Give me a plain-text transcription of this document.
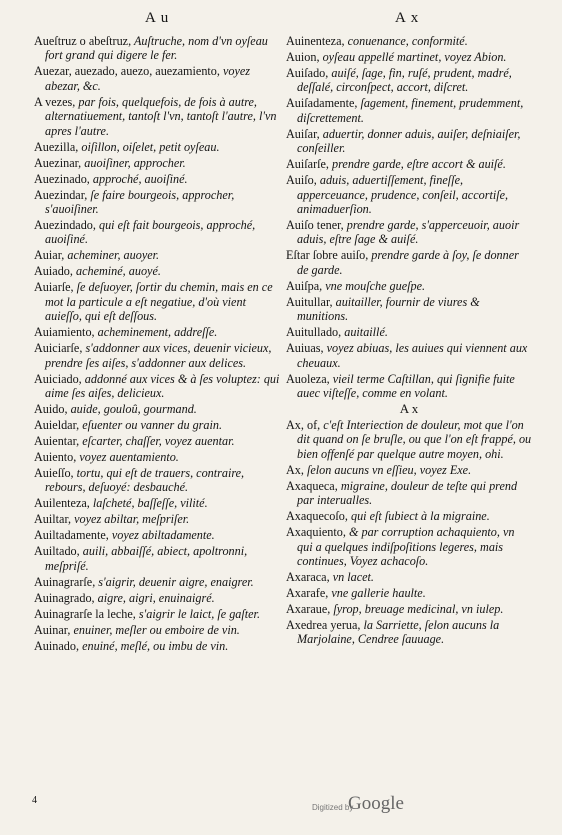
A u	A x
Aueſtruz o abeſtruz, Auſtruche, nom d'vn oyſeau fort grand qui digere le fer.
Auezar, auezado, auezo, auezamiento, voyez abezar, &c.
A vezes, par fois, quelquefois, de fois à autre, alternatiuement, tantoſt l'vn, tantoſt l'autre, l'vn apres l'autre.
Auezilla, oiſillon, oiſelet, petit oyſeau.
Auezinar, auoiſiner, approcher.
Auezinado, approché, auoiſiné.
Auezindar, ſe faire bourgeois, approcher, s'auoiſiner.
Auezindado, qui eſt fait bourgeois, approché, auoiſiné.
Auiar, acheminer, auoyer.
Auiado, acheminé, auoyé.
Auiarſe, ſe deſuoyer, ſortir du chemin, mais en ce mot la particule a eſt negatiue, d'où vient auieſſo, qui eſt deſſous.
Auiamiento, acheminement, addreſſe.
Auiciarſe, s'addonner aux vices, deuenir vicieux, prendre ſes aiſes, s'addonner aux delices.
Auiciado, addonné aux vices & à ſes voluptez: qui aime ſes aiſes, delicieux.
Auido, auide, gouloû, gourmand.
Auieldar, eſuenter ou vanner du grain.
Auientar, eſcarter, chaſſer, voyez auentar.
Auiento, voyez auentamiento.
Auieſſo, tortu, qui eſt de trauers, contraire, rebours, deſuoyé: desbauché.
Auilenteza, laſcheté, baſſeſſe, vilité.
Auiltar, voyez abiltar, meſpriſer.
Auiltadamente, voyez abiltadamente.
Auiltado, auili, abbaiſſé, abiect, apoltronni, meſpriſé.
Auinagrarſe, s'aigrir, deuenir aigre, enaigrer.
Auinagrado, aigre, aigri, enuinaigré.
Auinagrarſe la leche, s'aigrir le laict, ſe gaſter.
Auinar, enuiner, meſler ou emboire de vin.
Auinado, enuiné, meſlé, ou imbu de vin.
Auinenteza, conuenance, conformité.
Auion, oyſeau appellé martinet, voyez Abion.
Auiſado, auiſé, ſage, fin, ruſé, prudent, madré, deſſalé, circonſpect, accort, diſcret.
Auiſadamente, ſagement, finement, prudemment, diſcrettement.
Auiſar, aduertir, donner aduis, auiſer, deſniaiſer, conſeiller.
Auiſarſe, prendre garde, eſtre accort & auiſé.
Auiſo, aduis, aduertiſſement, fineſſe, apperceuance, prudence, conſeil, accortiſe, animaduerſion.
Auiſo tener, prendre garde, s'apperceuoir, auoir aduis, eſtre ſage & auiſé.
Eſtar ſobre auiſo, prendre garde à ſoy, ſe donner de garde.
Auiſpa, vne mouſche gueſpe.
Auitullar, auitailler, fournir de viures & munitions.
Auitullado, auitaillé.
Auiuas, voyez abiuas, les auiues qui viennent aux cheuaux.
Auoleza, vieil terme Caſtillan, qui ſignifie fuite auec viſteſſe, comme en volant.
A x
Ax, of, c'eſt Interiection de douleur, mot que l'on dit quand on ſe bruſle, ou que l'on eſt frappé, ou bien offenſé par quelque autre moyen, ohi.
Ax, ſelon aucuns vn eſſieu, voyez Exe.
Axaqueca, migraine, douleur de teſte qui prend par interualles.
Axaquecoſo, qui eſt ſubiect à la migraine.
Axaquiento, & par corruption achaquiento, vn qui a quelques indiſpoſitions legeres, mais continues, Voyez achacoſo.
Axaraca, vn lacet.
Axarafe, vne gallerie haulte.
Axaraue, ſyrop, breuage medicinal, vn iulep.
Axedrea yerua, la Sarriette, ſelon aucuns la Marjolaine, Cendree ſauuage.
4
Digitized by
Google
